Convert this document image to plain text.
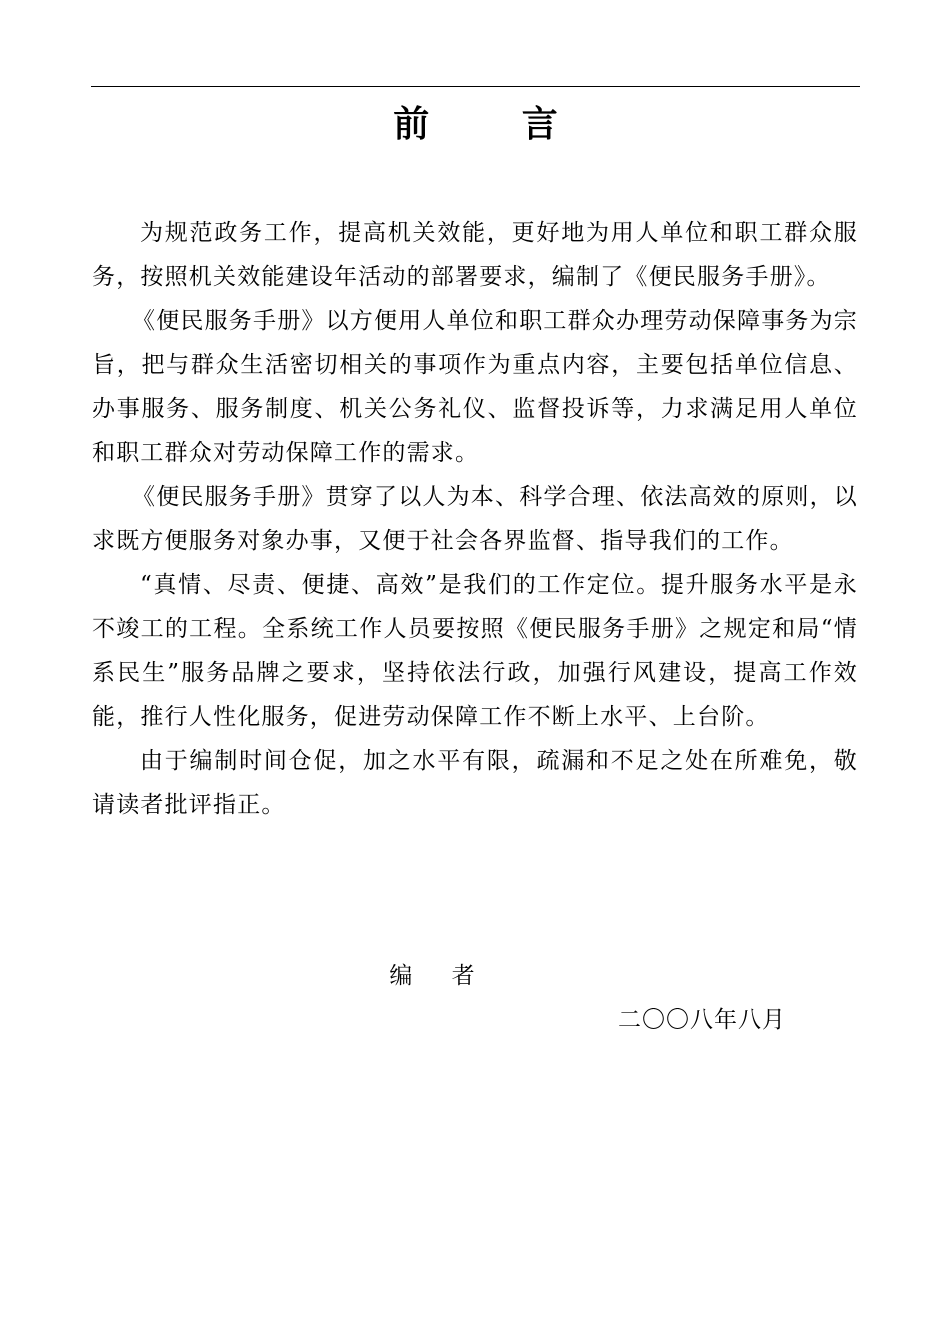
前 言

为规范政务工作，提高机关效能，更好地为用人单位和职工群众服务，按照机关效能建设年活动的部署要求，编制了《便民服务手册》。

《便民服务手册》以方便用人单位和职工群众办理劳动保障事务为宗旨，把与群众生活密切相关的事项作为重点内容，主要包括单位信息、办事服务、服务制度、机关公务礼仪、监督投诉等，力求满足用人单位和职工群众对劳动保障工作的需求。

《便民服务手册》贯穿了以人为本、科学合理、依法高效的原则，以求既方便服务对象办事，又便于社会各界监督、指导我们的工作。

“真情、尽责、便捷、高效”是我们的工作定位。提升服务水平是永不竣工的工程。全系统工作人员要按照《便民服务手册》之规定和局“情系民生”服务品牌之要求，坚持依法行政，加强行风建设，提高工作效能，推行人性化服务，促进劳动保障工作不断上水平、上台阶。

由于编制时间仓促，加之水平有限，疏漏和不足之处在所难免，敬请读者批评指正。

编 者
二〇〇八年八月
